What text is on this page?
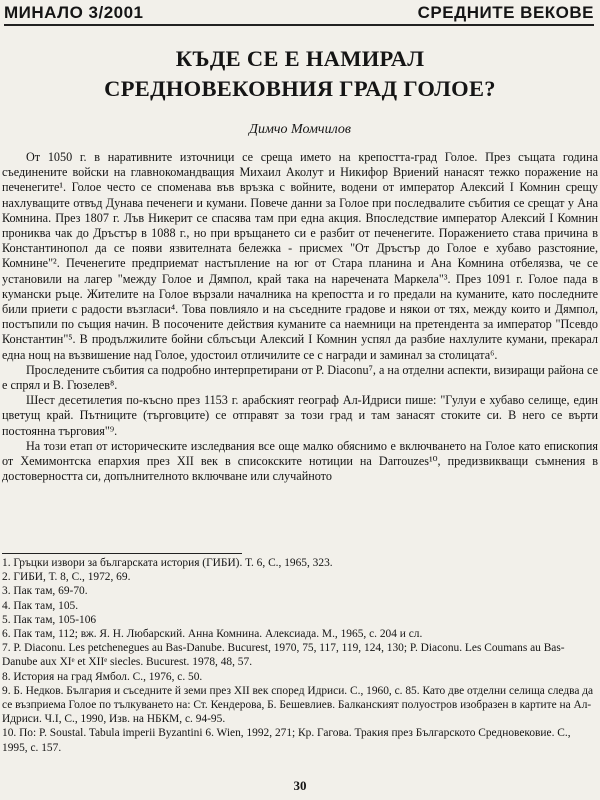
МИНАЛО 3/2001	СРЕДНИТЕ ВЕКОВЕ
КЪДЕ СЕ Е НАМИРАЛ
СРЕДНОВЕКОВНИЯ ГРАД ГОЛОЕ?
Димчо Момчилов

От 1050 г. в наративните източници се среща името на крепостта-град Голое. През същата година съединените войски на главнокомандващия Михаил Аколут и Никифор Вриений нанасят тежко поражение на печенегите¹. Голое често се споменава във връзка с войните, водени от император Алексий І Комнин срещу нахлуващите отвъд Дунава печенеги и кумани. Повече данни за Голое при последвалите събития се срещат у Ана Комнина. През 1807 г. Лъв Никерит се спасява там при една акция. Впоследствие император Алексий І Комнин прониква чак до Дръстър в 1088 г., но при връщането си е разбит от печенегите. Поражението става причина в Константинопол да се появи язвителната бележка - присмех "От Дръстър до Голое е хубаво разстояние, Комнине"². Печенегите предприемат настъпление на юг от Стара планина и Ана Комнина отбелязва, че се установили на лагер "между Голое и Дямпол, край така на наречената Маркела"³. През 1091 г. Голое пада в кумански ръце. Жителите на Голое вързали началника на крепостта и го предали на куманите, като последните били приети с радости възгласи⁴. Това повлияло и на съседните градове и някои от тях, между които и Дямпол, постъпили по същия начин. В посочените действия куманите са наемници на претендента за император "Псевдо Константин"⁵. В продължилите бойни сблъсъци Алексий І Комнин успял да разбие нахлулите кумани, прекарал една нощ на възвишение над Голое, удостоил отличилите се с награди и заминал за столицата⁶.

Проследените събития са подробно интерпретирани от P. Diaconu⁷, а на отделни аспекти, визиращи района се е спрял и В. Гюзелев⁸.

Шест десетилетия по-късно през 1153 г. арабският географ Ал-Идриси пише: "Гулуи е хубаво селище, един цветущ край. Пътниците (търговците) се отправят за този град и там занасят стоките си. В него се върти постоянна търговия"⁹.

На този етап от историческите изследвания все още малко обяснимо е включването на Голое като епископия от Хемимонтска епархия през ХІІ век в списокските нотиции на Darrouzes¹⁰, предизвикващи съмнения в достоверността си, допълнителното включване или случайното

1. Гръцки извори за българската история (ГИБИ). Т. 6, С., 1965, 323.
2. ГИБИ, Т. 8, С., 1972, 69.
3. Пак там, 69-70.
4. Пак там, 105.
5. Пак там, 105-106
6. Пак там, 112; вж. Я. Н. Любарский. Анна Комнина. Алексиада. М., 1965, с. 204 и сл.
7. P. Diaconu. Les petchenegues au Bas-Danube. Bucurest, 1970, 75, 117, 119, 124, 130; P. Diaconu. Les Coumans au Bas-Danube aux XIᵉ et XIIᵉ siecles. Bucurest. 1978, 48, 57.
8. История на град Ямбол. С., 1976, с. 50.
9. Б. Недков. България и съседните й земи през ХІІ век според Идриси. С., 1960, с. 85. Като две отделни селища следва да се възприема Голое по тълкуването на: Ст. Кендерова, Б. Бешевлиев. Балканският полуостров изобразен в картите на Ал-Идриси. Ч.І, С., 1990, Изв. на НБКМ, с. 94-95.
10. По: P. Soustal. Tabula imperii Byzantini 6. Wien, 1992, 271; Кр. Гагова. Тракия през Българското Средновековие. С., 1995, с. 157.
30
